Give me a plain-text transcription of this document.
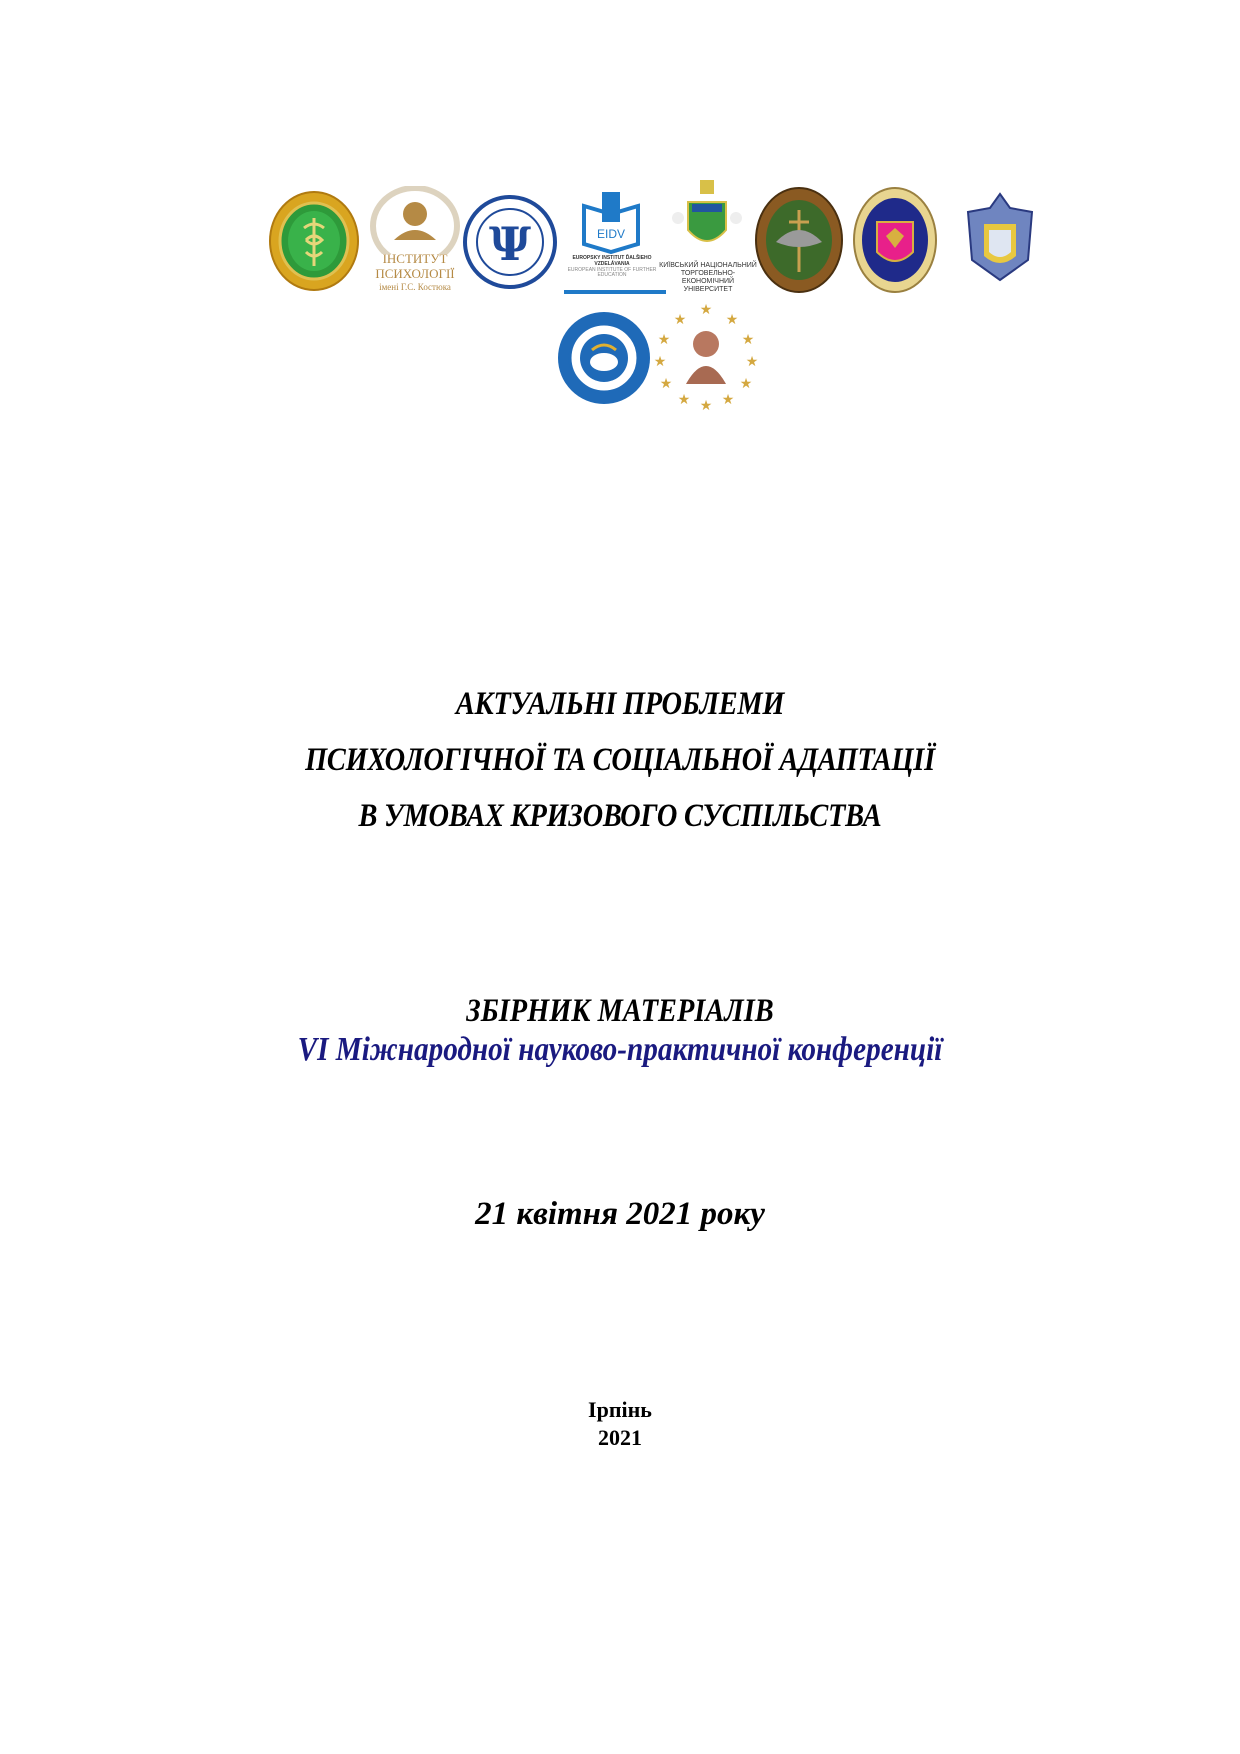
ІНСТИТУТ
ПСИХОЛОГІЇ
імені Г.С. Костюка
Ψ	EIDV
EUROPSKY INSTITUT ĎALŠIEHO VZDELÁVANIA
EUROPEAN INSTITUTE OF FURTHER EDUCATION
КИЇВСЬКИЙ НАЦІОНАЛЬНИЙ
ТОРГОВЕЛЬНО-ЕКОНОМІЧНИЙ
УНІВЕРСИТЕТ
★
★	★
★	★
★	★
★	★
★ ★
★
АКТУАЛЬНІ ПРОБЛЕМИ
ПСИХОЛОГІЧНОЇ ТА СОЦІАЛЬНОЇ АДАПТАЦІЇ
В УМОВАХ КРИЗОВОГО СУСПІЛЬСТВА
ЗБІРНИК МАТЕРІАЛІВ
VI Міжнародної науково-практичної конференції
21 квітня 2021 року
Ірпінь
2021
